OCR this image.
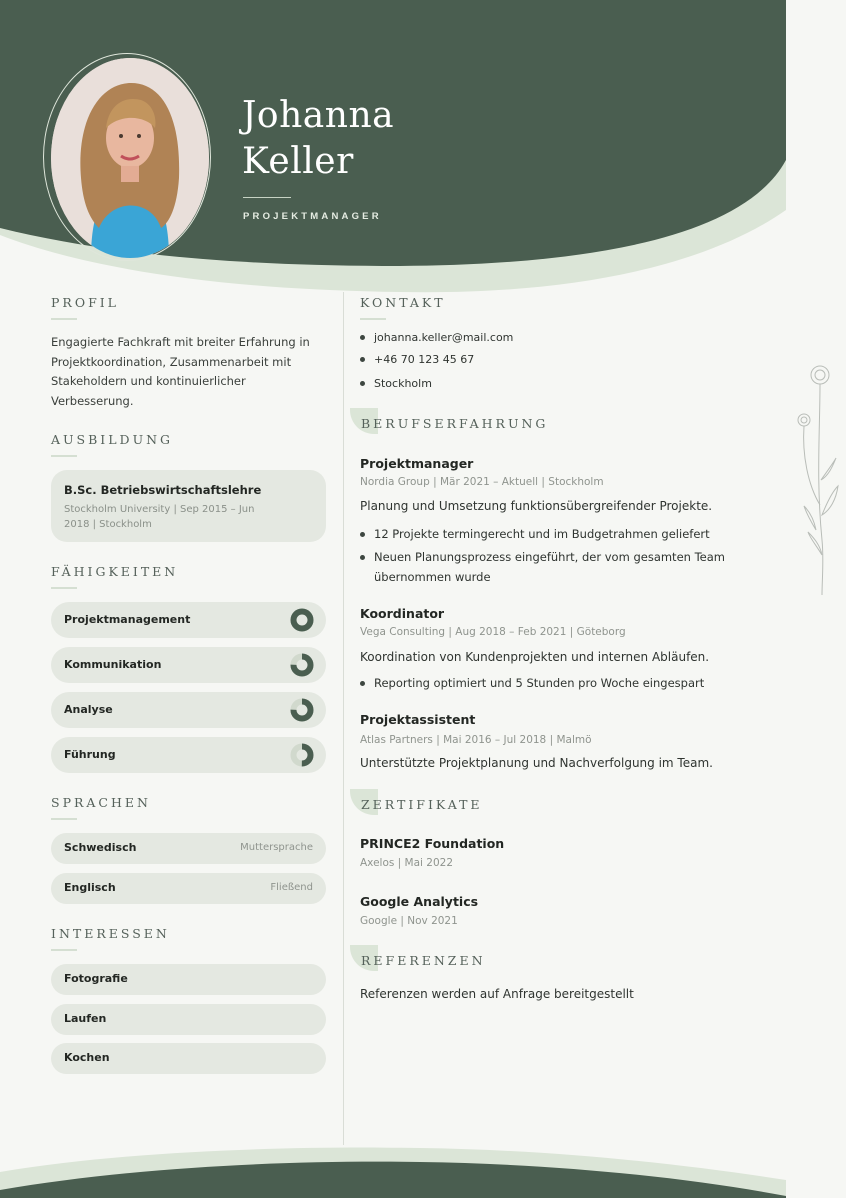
Johanna
Keller
PROJEKTMANAGER
PROFIL
Engagierte Fachkraft mit breiter Erfahrung in Projektkoordination, Zusammenarbeit mit Stakeholdern und kontinuierlicher Verbesserung.
AUSBILDUNG
B.Sc. Betriebswirtschaftslehre
Stockholm University | Sep 2015 – Jun
2018 | Stockholm
FÄHIGKEITEN
Projektmanagement
Kommunikation
Analyse
Führung
SPRACHEN
Schwedisch	Muttersprache
Englisch	Fließend
INTERESSEN
Fotografie
Laufen
Kochen
KONTAKT
johanna.keller@mail.com
+46 70 123 45 67
Stockholm
BERUFSERFAHRUNG
Projektmanager
Nordia Group | Mär 2021 – Aktuell | Stockholm
Planung und Umsetzung funktionsübergreifender Projekte.
12 Projekte termingerecht und im Budgetrahmen geliefert
Neuen Planungsprozess eingeführt, der vom gesamten Team übernommen wurde
Koordinator
Vega Consulting | Aug 2018 – Feb 2021 | Göteborg
Koordination von Kundenprojekten und internen Abläufen.
Reporting optimiert und 5 Stunden pro Woche eingespart
Projektassistent
Atlas Partners | Mai 2016 – Jul 2018 | Malmö
Unterstützte Projektplanung und Nachverfolgung im Team.
ZERTIFIKATE
PRINCE2 Foundation
Axelos | Mai 2022
Google Analytics
Google | Nov 2021
REFERENZEN
Referenzen werden auf Anfrage bereitgestellt
